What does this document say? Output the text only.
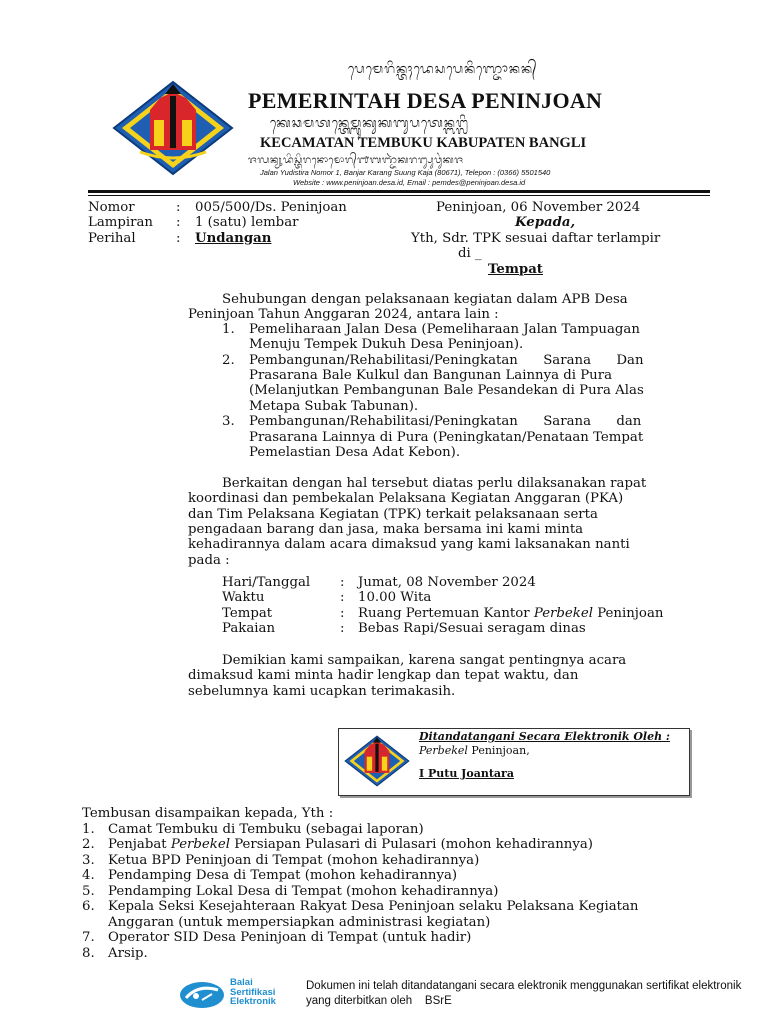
ᬧᬾᬫᬾᬭᬶᬦ᭄ᬢᬄᬤᬾᬲᬧᬾᬦᬶᬜ᭄ᬚᭀᬦᬦ᭄
PEMERINTAH DESA PENINJOAN
ᬓᬾᬘᬫᬢᬦ᭄ᬢᬾᬫ᭄ᬩᬸᬓᬸᬓᬩᬸᬧᬢᬾᬦ᭄ᬩᬗ᭄ᬮᬶ
KECAMATAN TEMBUKU KABUPATEN BANGLI
ᬚᬮᬦ᭄ᬬᬸᬤᬶᬲ᭄ᬢᬶᬭᬦᭀᬫᭀᬭ᭄᭑ᬩᬜ᭄ᬚᬃᬓᬭᬗ᭄ᬲᬸᬯᬸᬂᬓᬚ
Jalan Yudistira Nomor 1, Banjar Karang Suung Kaja (80671), Telepon : (0366) 5501540
Website : www.peninjoan.desa.id, Email : pemdes@peninjoan.desa.id
Nomor	: 005/500/Ds. Peninjoan
Lampiran : 1 (satu) lembar
Perihal	: Undangan
Peninjoan, 06 November 2024
Kepada,
Yth, Sdr. TPK sesuai daftar terlampir
di _
Tempat
Sehubungan dengan pelaksanaan kegiatan dalam APB Desa
Peninjoan Tahun Anggaran 2024, antara lain :
1. Pemeliharaan Jalan Desa (Pemeliharaan Jalan Tampuagan
Menuju Tempek Dukuh Desa Peninjoan).
2. Pembangunan/Rehabilitasi/Peningkatan      Sarana      Dan
Prasarana Bale Kulkul dan Bangunan Lainnya di Pura
(Melanjutkan Pembangunan Bale Pesandekan di Pura Alas
Metapa Subak Tabunan).
3. Pembangunan/Rehabilitasi/Peningkatan      Sarana      dan
Prasarana Lainnya di Pura (Peningkatan/Penataan Tempat
Pemelastian Desa Adat Kebon).
Berkaitan dengan hal tersebut diatas perlu dilaksanakan rapat
koordinasi dan pembekalan Pelaksana Kegiatan Anggaran (PKA)
dan Tim Pelaksana Kegiatan (TPK) terkait pelaksanaan serta
pengadaan barang dan jasa, maka bersama ini kami minta
kehadirannya dalam acara dimaksud yang kami laksanakan nanti
pada :
Hari/Tanggal : Jumat, 08 November 2024
Waktu	: 10.00 Wita
Tempat	: Ruang Pertemuan Kantor Perbekel Peninjoan
Pakaian	: Bebas Rapi/Sesuai seragam dinas
Demikian kami sampaikan, karena sangat pentingnya acara
dimaksud kami minta hadir lengkap dan tepat waktu, dan
sebelumnya kami ucapkan terimakasih.
Ditandatangani Secara Elektronik Oleh :
Perbekel Peninjoan,
I Putu Joantara
Tembusan disampaikan kepada, Yth :
1. Camat Tembuku di Tembuku (sebagai laporan)
2. Penjabat Perbekel Persiapan Pulasari di Pulasari (mohon kehadirannya)
3. Ketua BPD Peninjoan di Tempat (mohon kehadirannya)
4. Pendamping Desa di Tempat (mohon kehadirannya)
5. Pendamping Lokal Desa di Tempat (mohon kehadirannya)
6. Kepala Seksi Kesejahteraan Rakyat Desa Peninjoan selaku Pelaksana Kegiatan
Anggaran (untuk mempersiapkan administrasi kegiatan)
7. Operator SID Desa Peninjoan di Tempat (untuk hadir)
8. Arsip.
Balai
Sertifikasi
Elektronik
Dokumen ini telah ditandatangani secara elektronik menggunakan sertifikat elektronik
yang diterbitkan oleh    BSrE
